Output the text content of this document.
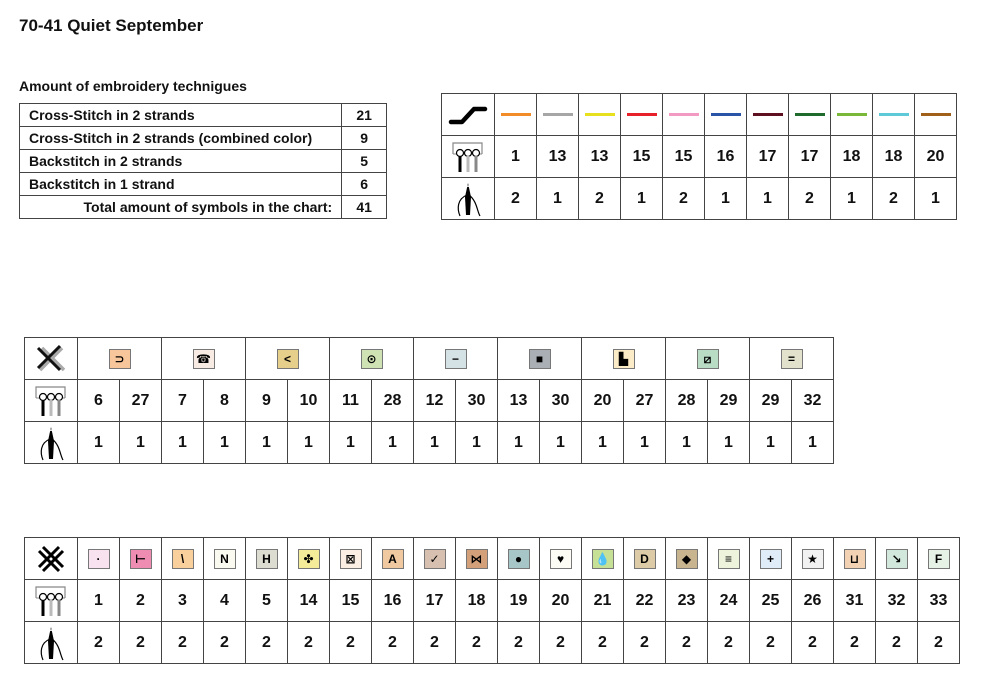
70-41 Quiet September
Amount of embroidery technigues
Cross-Stitch in 2 strands	21
Cross-Stitch in 2 strands (combined color)	9
Backstitch in 2 strands	5
Backstitch in 1 strand	6
Total amount of symbols in the chart:	41

	1	13	13	15	15	16	17	17	18	18	20

	2	1	2	1	2	1	1	2	1	2	1
	⊃		☎		<		⊙		−		■		▙		⧄		=	

	6	27	7	8	9	10	11	28	12	30	13	30	20	27	28	29	29	32

	1	1	1	1	1	1	1	1	1	1	1	1	1	1	1	1	1	1
	·	⊢	\	N	H	✤	⊠	A	✓	⋈	●	♥	💧	D	◆	≡	+	★	⊔	↘	F

	1	2	3	4	5	14	15	16	17	18	19	20	21	22	23	24	25	26	31	32	33

	2	2	2	2	2	2	2	2	2	2	2	2	2	2	2	2	2	2	2	2	2
